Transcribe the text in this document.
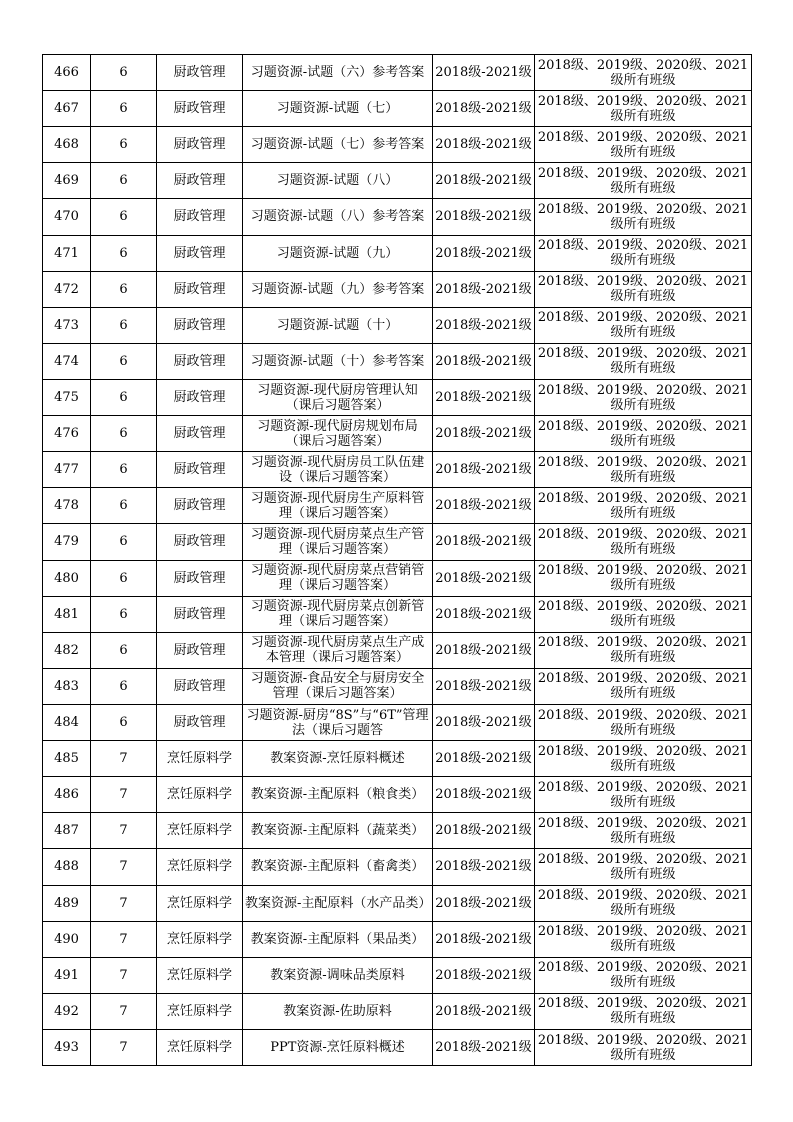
466	6	厨政管理	习题资源-试题（六）参考答案	2018级-2021级	2018级、2019级、2020级、2021级所有班级
467	6	厨政管理	习题资源-试题（七）	2018级-2021级	2018级、2019级、2020级、2021级所有班级
468	6	厨政管理	习题资源-试题（七）参考答案	2018级-2021级	2018级、2019级、2020级、2021级所有班级
469	6	厨政管理	习题资源-试题（八）	2018级-2021级	2018级、2019级、2020级、2021级所有班级
470	6	厨政管理	习题资源-试题（八）参考答案	2018级-2021级	2018级、2019级、2020级、2021级所有班级
471	6	厨政管理	习题资源-试题（九）	2018级-2021级	2018级、2019级、2020级、2021级所有班级
472	6	厨政管理	习题资源-试题（九）参考答案	2018级-2021级	2018级、2019级、2020级、2021级所有班级
473	6	厨政管理	习题资源-试题（十）	2018级-2021级	2018级、2019级、2020级、2021级所有班级
474	6	厨政管理	习题资源-试题（十）参考答案	2018级-2021级	2018级、2019级、2020级、2021级所有班级
475	6	厨政管理	习题资源-现代厨房管理认知（课后习题答案）	2018级-2021级	2018级、2019级、2020级、2021级所有班级
476	6	厨政管理	习题资源-现代厨房规划布局（课后习题答案）	2018级-2021级	2018级、2019级、2020级、2021级所有班级
477	6	厨政管理	习题资源-现代厨房员工队伍建设（课后习题答案）	2018级-2021级	2018级、2019级、2020级、2021级所有班级
478	6	厨政管理	习题资源-现代厨房生产原料管理（课后习题答案）	2018级-2021级	2018级、2019级、2020级、2021级所有班级
479	6	厨政管理	习题资源-现代厨房菜点生产管理（课后习题答案）	2018级-2021级	2018级、2019级、2020级、2021级所有班级
480	6	厨政管理	习题资源-现代厨房菜点营销管理（课后习题答案）	2018级-2021级	2018级、2019级、2020级、2021级所有班级
481	6	厨政管理	习题资源-现代厨房菜点创新管理（课后习题答案）	2018级-2021级	2018级、2019级、2020级、2021级所有班级
482	6	厨政管理	习题资源-现代厨房菜点生产成本管理（课后习题答案）	2018级-2021级	2018级、2019级、2020级、2021级所有班级
483	6	厨政管理	习题资源-食品安全与厨房安全管理（课后习题答案）	2018级-2021级	2018级、2019级、2020级、2021级所有班级
484	6	厨政管理	习题资源-厨房“8S”与“6T”管理法（课后习题答	2018级-2021级	2018级、2019级、2020级、2021级所有班级
485	7	烹饪原料学	教案资源-烹饪原料概述	2018级-2021级	2018级、2019级、2020级、2021级所有班级
486	7	烹饪原料学	教案资源-主配原料（粮食类）	2018级-2021级	2018级、2019级、2020级、2021级所有班级
487	7	烹饪原料学	教案资源-主配原料（蔬菜类）	2018级-2021级	2018级、2019级、2020级、2021级所有班级
488	7	烹饪原料学	教案资源-主配原料（畜禽类）	2018级-2021级	2018级、2019级、2020级、2021级所有班级
489	7	烹饪原料学	教案资源-主配原料（水产品类）	2018级-2021级	2018级、2019级、2020级、2021级所有班级
490	7	烹饪原料学	教案资源-主配原料（果品类）	2018级-2021级	2018级、2019级、2020级、2021级所有班级
491	7	烹饪原料学	教案资源-调味品类原料	2018级-2021级	2018级、2019级、2020级、2021级所有班级
492	7	烹饪原料学	教案资源-佐助原料	2018级-2021级	2018级、2019级、2020级、2021级所有班级
493	7	烹饪原料学	PPT资源-烹饪原料概述	2018级-2021级	2018级、2019级、2020级、2021级所有班级
